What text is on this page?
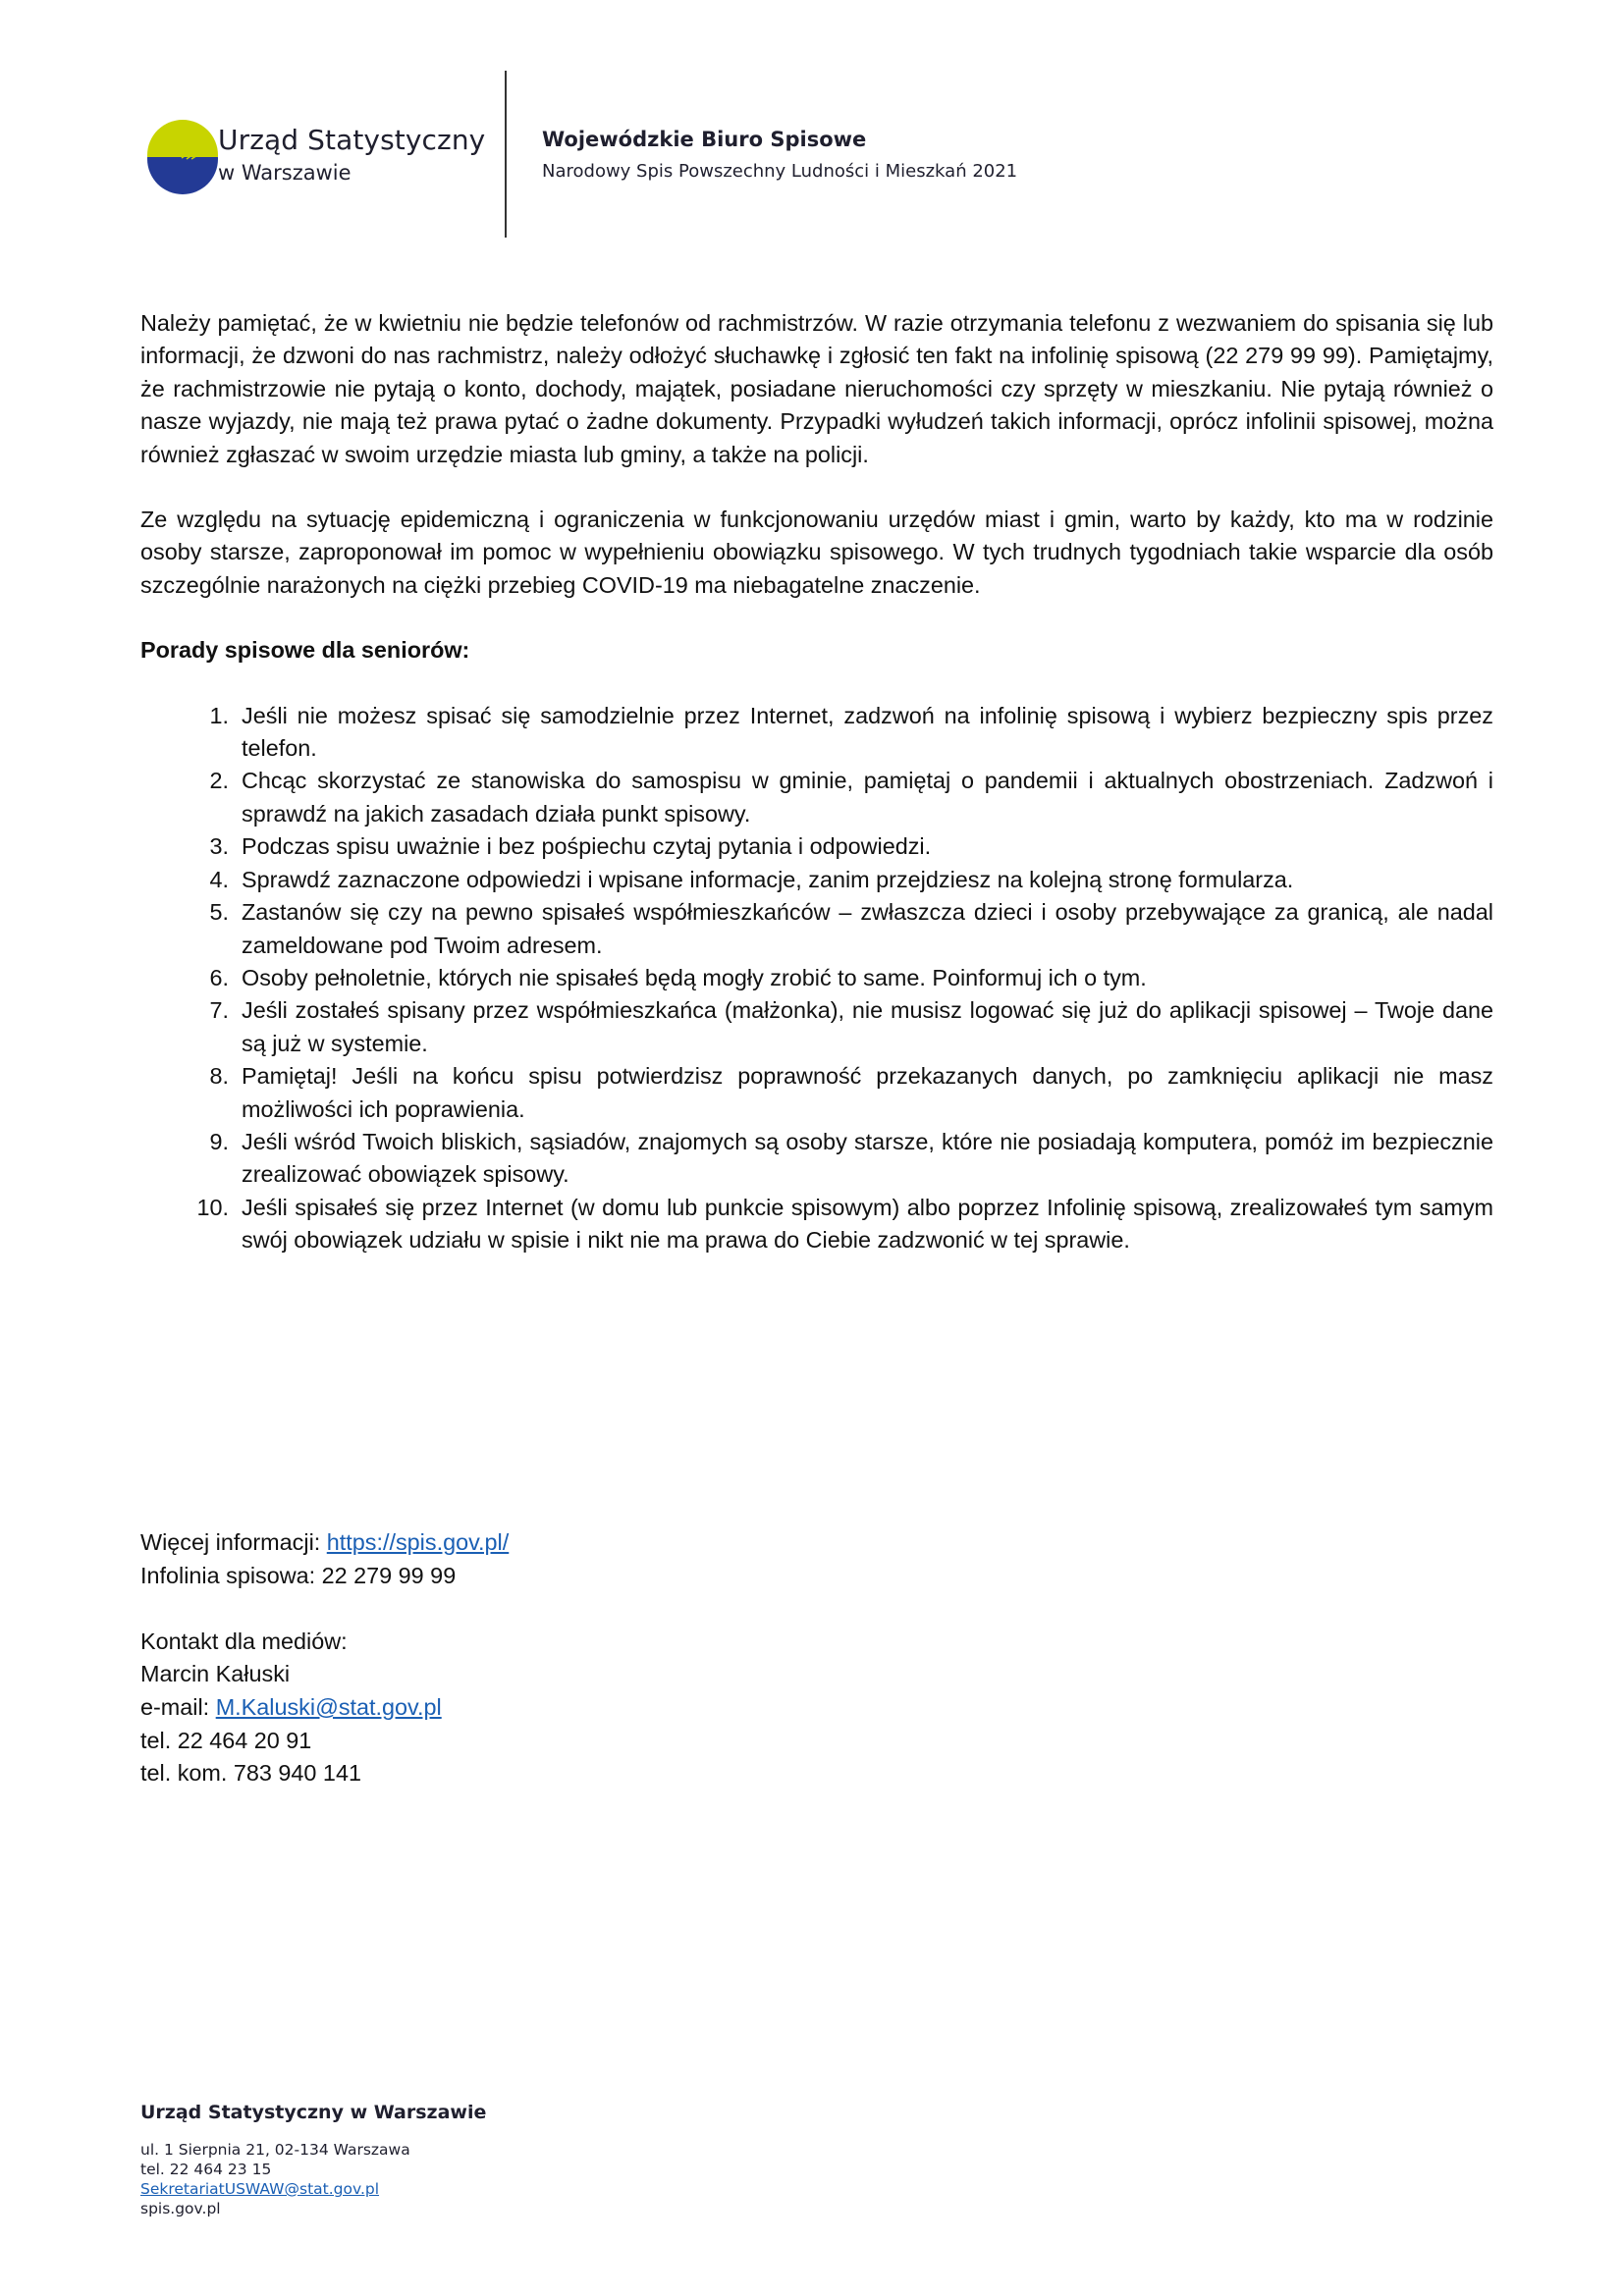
Urząd Statystyczny
w Warszawie
Wojewódzkie Biuro Spisowe
Narodowy Spis Powszechny Ludności i Mieszkań 2021

Należy pamiętać, że w kwietniu nie będzie telefonów od rachmistrzów. W razie otrzymania telefonu z wezwaniem do spisania się lub informacji, że dzwoni do nas rachmistrz, należy odłożyć słuchawkę i zgłosić ten fakt na infolinię spisową (22 279 99 99). Pamiętajmy, że rachmistrzowie nie pytają o konto, dochody, majątek, posiadane nieruchomości czy sprzęty w mieszkaniu. Nie pytają również o nasze wyjazdy, nie mają też prawa pytać o żadne dokumenty. Przypadki wyłudzeń takich informacji, oprócz infolinii spisowej, można również zgłaszać w swoim urzędzie miasta lub gminy, a także na policji.

Ze względu na sytuację epidemiczną i ograniczenia w funkcjonowaniu urzędów miast i gmin, warto by każdy, kto ma w rodzinie osoby starsze, zaproponował im pomoc w wypełnieniu obowiązku spisowego. W tych trudnych tygodniach takie wsparcie dla osób szczególnie narażonych na ciężki przebieg COVID-19 ma niebagatelne znaczenie.

Porady spisowe dla seniorów:
1. Jeśli nie możesz spisać się samodzielnie przez Internet, zadzwoń na infolinię spisową i wybierz bezpieczny spis przez telefon.
2. Chcąc skorzystać ze stanowiska do samospisu w gminie, pamiętaj o pandemii i aktualnych obostrzeniach. Zadzwoń i sprawdź na jakich zasadach działa punkt spisowy.
3. Podczas spisu uważnie i bez pośpiechu czytaj pytania i odpowiedzi.
4. Sprawdź zaznaczone odpowiedzi i wpisane informacje, zanim przejdziesz na kolejną stronę formularza.
5. Zastanów się czy na pewno spisałeś współmieszkańców – zwłaszcza dzieci i osoby przebywające za granicą, ale nadal zameldowane pod Twoim adresem.
6. Osoby pełnoletnie, których nie spisałeś będą mogły zrobić to same. Poinformuj ich o tym.
7. Jeśli zostałeś spisany przez współmieszkańca (małżonka), nie musisz logować się już do aplikacji spisowej – Twoje dane są już w systemie.
8. Pamiętaj! Jeśli na końcu spisu potwierdzisz poprawność przekazanych danych, po zamknięciu aplikacji nie masz możliwości ich poprawienia.
9. Jeśli wśród Twoich bliskich, sąsiadów, znajomych są osoby starsze, które nie posiadają komputera, pomóż im bezpiecznie zrealizować obowiązek spisowy.
10. Jeśli spisałeś się przez Internet (w domu lub punkcie spisowym) albo poprzez Infolinię spisową, zrealizowałeś tym samym swój obowiązek udziału w spisie i nikt nie ma prawa do Ciebie zadzwonić w tej sprawie.
Więcej informacji: https://spis.gov.pl/
Infolinia spisowa: 22 279 99 99
Kontakt dla mediów:
Marcin Kałuski
e-mail: M.Kaluski@stat.gov.pl
tel. 22 464 20 91
tel. kom. 783 940 141
Urząd Statystyczny w Warszawie
ul. 1 Sierpnia 21, 02-134 Warszawa
tel. 22 464 23 15
SekretariatUSWAW@stat.gov.pl
spis.gov.pl
